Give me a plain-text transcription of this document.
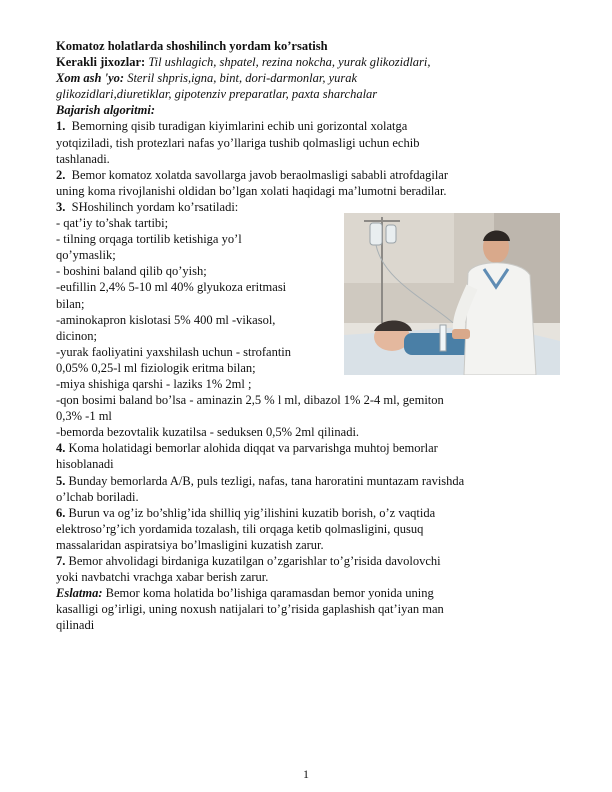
Komatoz holatlarda shoshilinch yordam ko’rsatish
Kerakli jixozlar: Til ushlagich, shpatel, rezina nokcha, yurak glikozidlari,
Xom ash 'yo: Steril shpris,igna, bint, dori-darmonlar, yurak
glikozidlari,diuretiklar, gipotenziv preparatlar, paxta sharchalar
Bajarish algoritmi:
1. Bemorning qisib turadigan kiyimlarini echib uni gorizontal xolatga
yotqiziladi, tish protezlari nafas yo’llariga tushib qolmasligi uchun echib
tashlanadi.
2. Bemor komatoz xolatda savollarga javob beraolmasligi sababli atrofdagilar
uning koma rivojlanishi oldidan bo’lgan xolati haqidagi ma’lumotni beradilar.
3. SHoshilinch yordam ko’rsatiladi:
- qat’iy to’shak tartibi;
- tilning orqaga tortilib ketishiga yo’l
qo’ymaslik;
- boshini baland qilib qo’yish;
-eufillin 2,4% 5-10 ml 40% glyukoza eritmasi
bilan;
-aminokapron kislotasi 5% 400 ml -vikasol,
dicinon;
-yurak faoliyatini yaxshilash uchun - strofantin
0,05% 0,25-l ml fiziologik eritma bilan;
-miya shishiga qarshi - laziks 1% 2ml ;
-qon bosimi baland bo’lsa - aminazin 2,5 % l ml, dibazol 1% 2-4 ml, gemiton
0,3% -1 ml
-bemorda bezovtalik kuzatilsa - seduksen 0,5% 2ml qilinadi.
4. Koma holatidagi bemorlar alohida diqqat va parvarishga muhtoj bemorlar
hisoblanadi
5. Bunday bemorlarda A/B, puls tezligi, nafas, tana haroratini muntazam ravishda
o’lchab boriladi.
6. Burun va og’iz bo’shlig’ida shilliq yig’ilishini kuzatib borish, o’z vaqtida
elektroso’rg’ich yordamida tozalash, tili orqaga ketib qolmasligini, qusuq
massalaridan aspiratsiya bo’lmasligini kuzatish zarur.
7. Bemor ahvolidagi birdaniga kuzatilgan o’zgarishlar to’g’risida davolovchi
yoki navbatchi vrachga xabar berish zarur.
Eslatma: Bemor koma holatida bo’lishiga qaramasdan bemor yonida uning
kasalligi og’irligi, uning noxush natijalari to’g’risida gaplashish qat’iyan man
qilinadi
1
